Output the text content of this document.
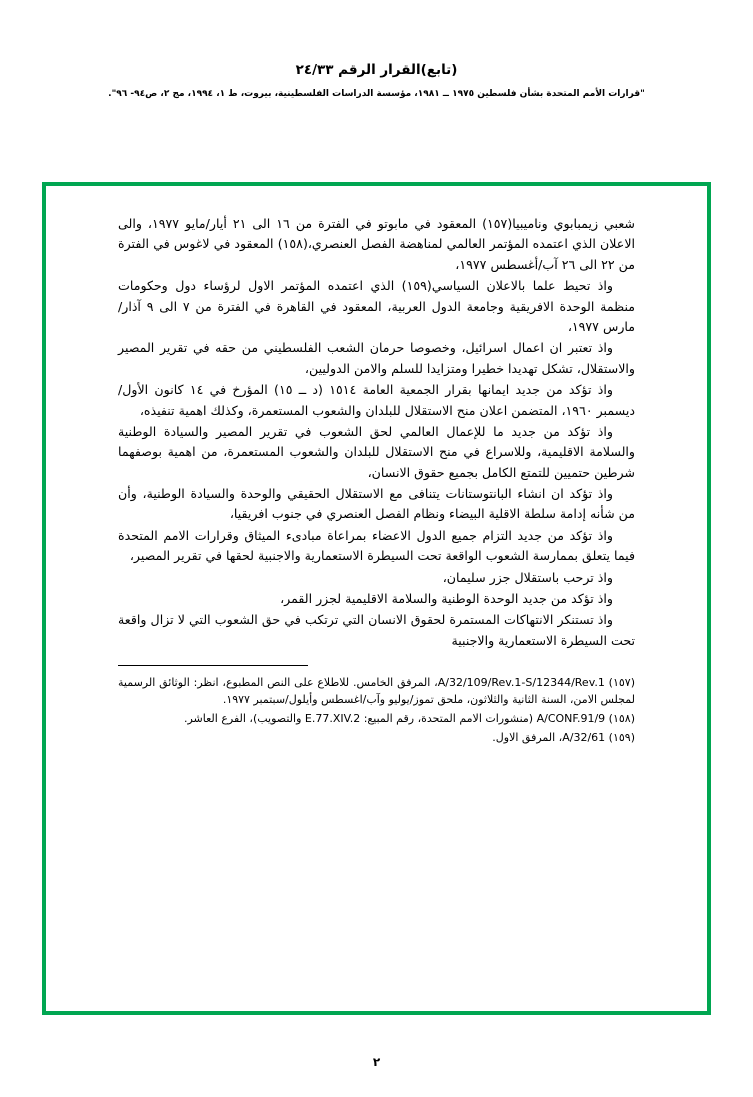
(تابع)القرار الرقم ٢٤/٣٣
"قرارات الأمم المتحدة بشأن فلسطين ١٩٧٥ ــ ١٩٨١، مؤسسة الدراسات الفلسطينية، بيروت، ط ١، ١٩٩٤، مج ٢، ص٩٤- ٩٦".

شعبي زيمبابوي وناميبيا(١٥٧) المعقود في مابوتو في الفترة من ١٦ الى ٢١ أيار/مايو ١٩٧٧، والى الاعلان الذي اعتمده المؤتمر العالمي لمناهضة الفصل العنصري،(١٥٨) المعقود في لاغوس في الفترة من ٢٢ الى ٢٦ آب/أغسطس ١٩٧٧،

واذ تحيط علما بالاعلان السياسي(١٥٩) الذي اعتمده المؤتمر الاول لرؤساء دول وحكومات منظمة الوحدة الافريقية وجامعة الدول العربية، المعقود في القاهرة في الفترة من ٧ الى ٩ آذار/مارس ١٩٧٧،

واذ تعتبر ان اعمال اسرائيل، وخصوصا حرمان الشعب الفلسطيني من حقه في تقرير المصير والاستقلال، تشكل تهديدا خطيرا ومتزايدا للسلم والامن الدوليين،

واذ تؤكد من جديد ايمانها بقرار الجمعية العامة ١٥١٤ (د ــ ١٥) المؤرخ في ١٤ كانون الأول/ديسمبر ١٩٦٠، المتضمن اعلان منح الاستقلال للبلدان والشعوب المستعمرة، وكذلك اهمية تنفيذه،

واذ تؤكد من جديد ما للإعمال العالمي لحق الشعوب في تقرير المصير والسيادة الوطنية والسلامة الاقليمية، وللاسراع في منح الاستقلال للبلدان والشعوب المستعمرة، من اهمية بوصفهما شرطين حتميين للتمتع الكامل بجميع حقوق الانسان،

واذ تؤكد ان انشاء البانتوستانات يتنافى مع الاستقلال الحقيقي والوحدة والسيادة الوطنية، وأن من شأنه إدامة سلطة الاقلية البيضاء ونظام الفصل العنصري في جنوب افريقيا،

واذ تؤكد من جديد التزام جميع الدول الاعضاء بمراعاة مبادىء الميثاق وقرارات الامم المتحدة فيما يتعلق بممارسة الشعوب الواقعة تحت السيطرة الاستعمارية والاجنبية لحقها في تقرير المصير،

واذ ترحب باستقلال جزر سليمان،

واذ تؤكد من جديد الوحدة الوطنية والسلامة الاقليمية لجزر القمر،

واذ تستنكر الانتهاكات المستمرة لحقوق الانسان التي ترتكب في حق الشعوب التي لا تزال واقعة تحت السيطرة الاستعمارية والاجنبية

(١٥٧) A/32/109/Rev.1-S/12344/Rev.1، المرفق الخامس. للاطلاع على النص المطبوع، انظر: الوثائق الرسمية لمجلس الامن، السنة الثانية والثلاثون، ملحق تموز/يوليو وآب/اغسطس وأيلول/سبتمبر ١٩٧٧.

(١٥٨) A/CONF.91/9 (منشورات الامم المتحدة، رقم المبيع: E.77.XIV.2 والتصويب)، الفرع العاشر.

(١٥٩) A/32/61، المرفق الاول.

٢
